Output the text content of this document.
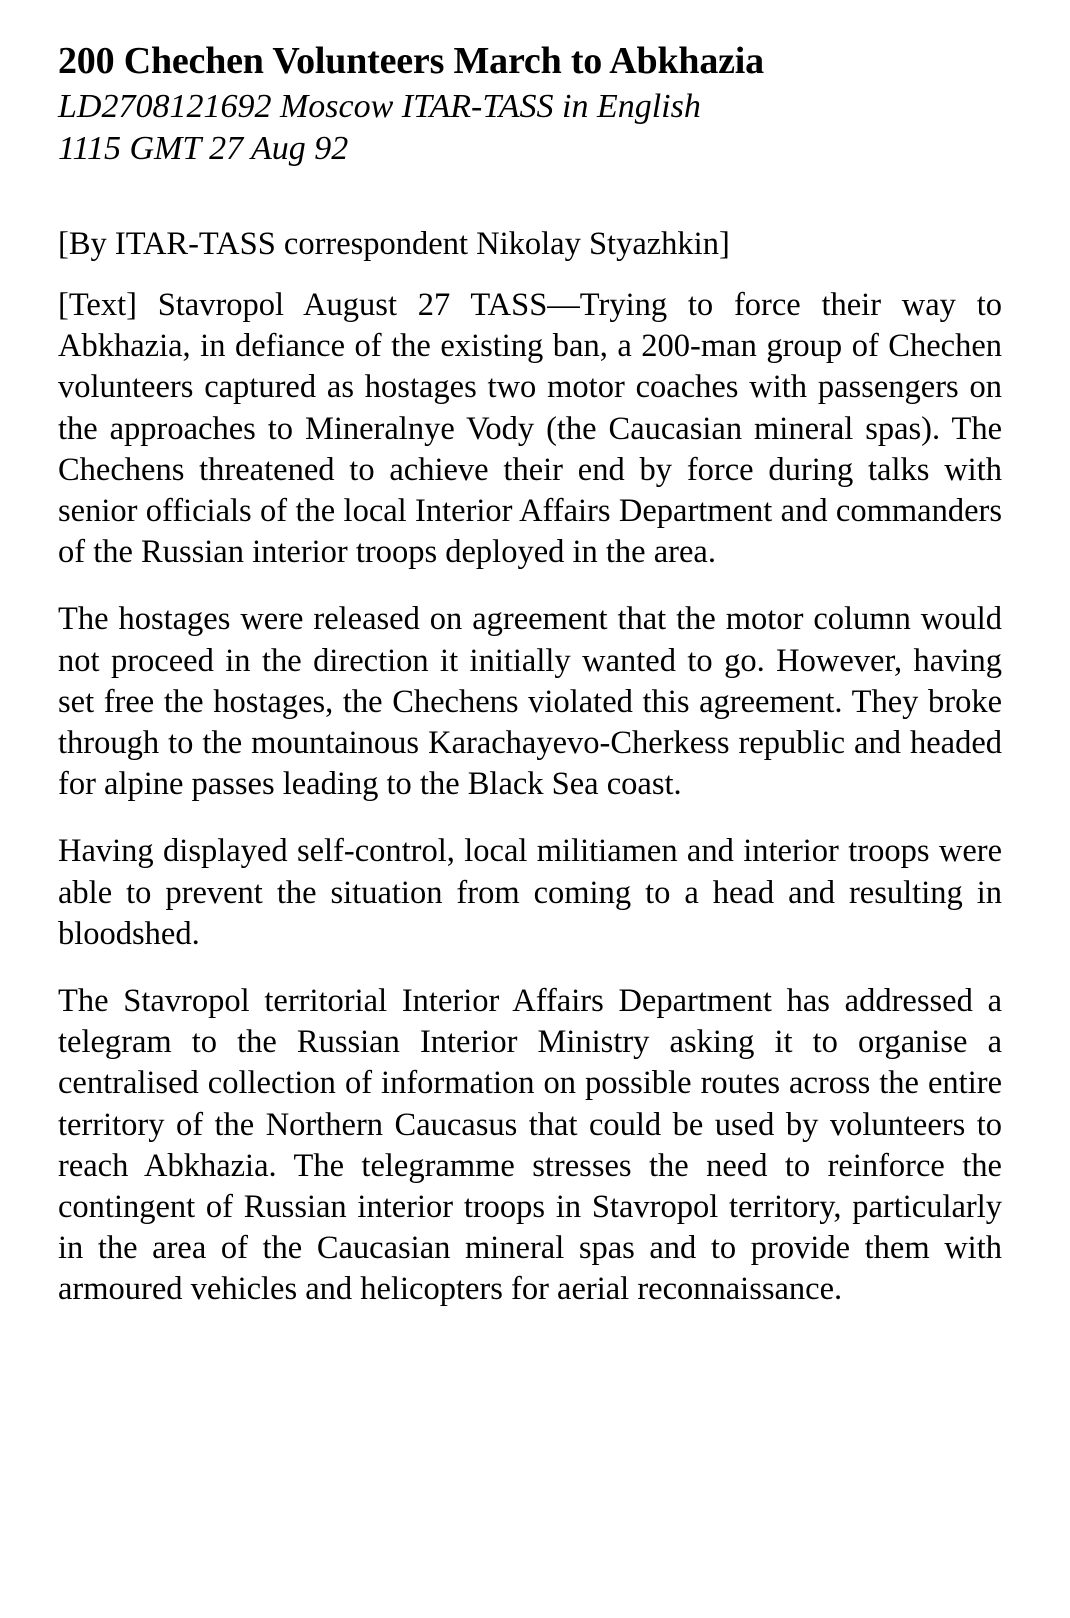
200 Chechen Volunteers March to Abkhazia

LD2708121692 Moscow ITAR-TASS in English

1115 GMT 27 Aug 92

[By ITAR-TASS correspondent Nikolay Styazhkin]

[Text] Stavropol August 27 TASS—Trying to force their way to Abkhazia, in defiance of the existing ban, a 200-man group of Chechen volunteers captured as hostages two motor coaches with passengers on the approaches to Mineralnye Vody (the Caucasian mineral spas). The Chechens threatened to achieve their end by force during talks with senior officials of the local Interior Affairs Department and commanders of the Russian interior troops deployed in the area.

The hostages were released on agreement that the motor column would not proceed in the direction it initially wanted to go. However, having set free the hostages, the Chechens violated this agreement. They broke through to the mountainous Karachayevo-Cherkess republic and headed for alpine passes leading to the Black Sea coast.

Having displayed self-control, local militiamen and interior troops were able to prevent the situation from coming to a head and resulting in bloodshed.

The Stavropol territorial Interior Affairs Department has addressed a telegram to the Russian Interior Ministry asking it to organise a centralised collection of information on possible routes across the entire territory of the Northern Caucasus that could be used by volunteers to reach Abkhazia. The telegramme stresses the need to reinforce the contingent of Russian interior troops in Stavropol territory, particularly in the area of the Caucasian mineral spas and to provide them with armoured vehicles and helicopters for aerial reconnaissance.
